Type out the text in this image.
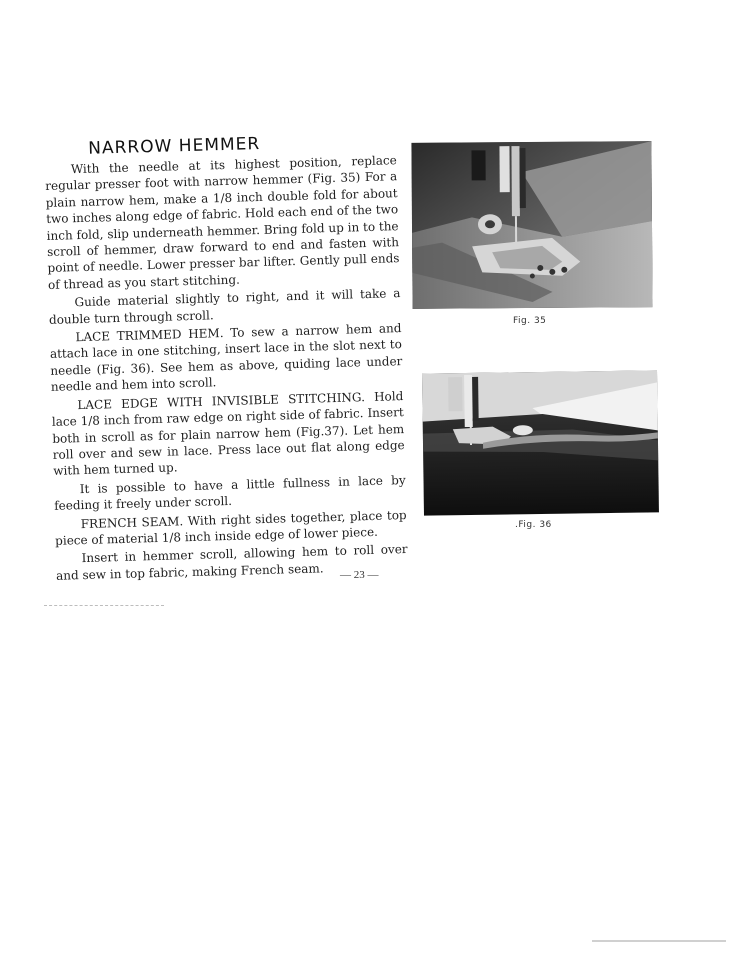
NARROW HEMMER

With the needle at its highest position, replace regular presser foot with narrow hemmer (Fig. 35) For a plain narrow hem, make a 1/8 inch double fold for about two inches along edge of fabric. Hold each end of the two inch fold, slip underneath hemmer. Bring fold up in to the scroll of hemmer, draw forward to end and fasten with point of needle. Lower presser bar lifter. Gently pull ends of thread as you start stitching.

Guide material slightly to right, and it will take a double turn through scroll.

LACE TRIMMED HEM. To sew a narrow hem and attach lace in one stitching, insert lace in the slot next to needle (Fig. 36). See hem as above, quiding lace under needle and hem into scroll.

LACE EDGE WITH INVISIBLE STITCHING. Hold lace 1/8 inch from raw edge on right side of fabric. Insert both in scroll as for plain narrow hem (Fig.37). Let hem roll over and sew in lace. Press lace out flat along edge with hem turned up.

It is possible to have a little fullness in lace by feeding it freely under scroll.

FRENCH SEAM. With right sides together, place top piece of material 1/8 inch inside edge of lower piece.

Insert in hemmer scroll, allowing hem to roll over and sew in top fabric, making French seam.

Fig. 35
.Fig. 36
— 23 —
